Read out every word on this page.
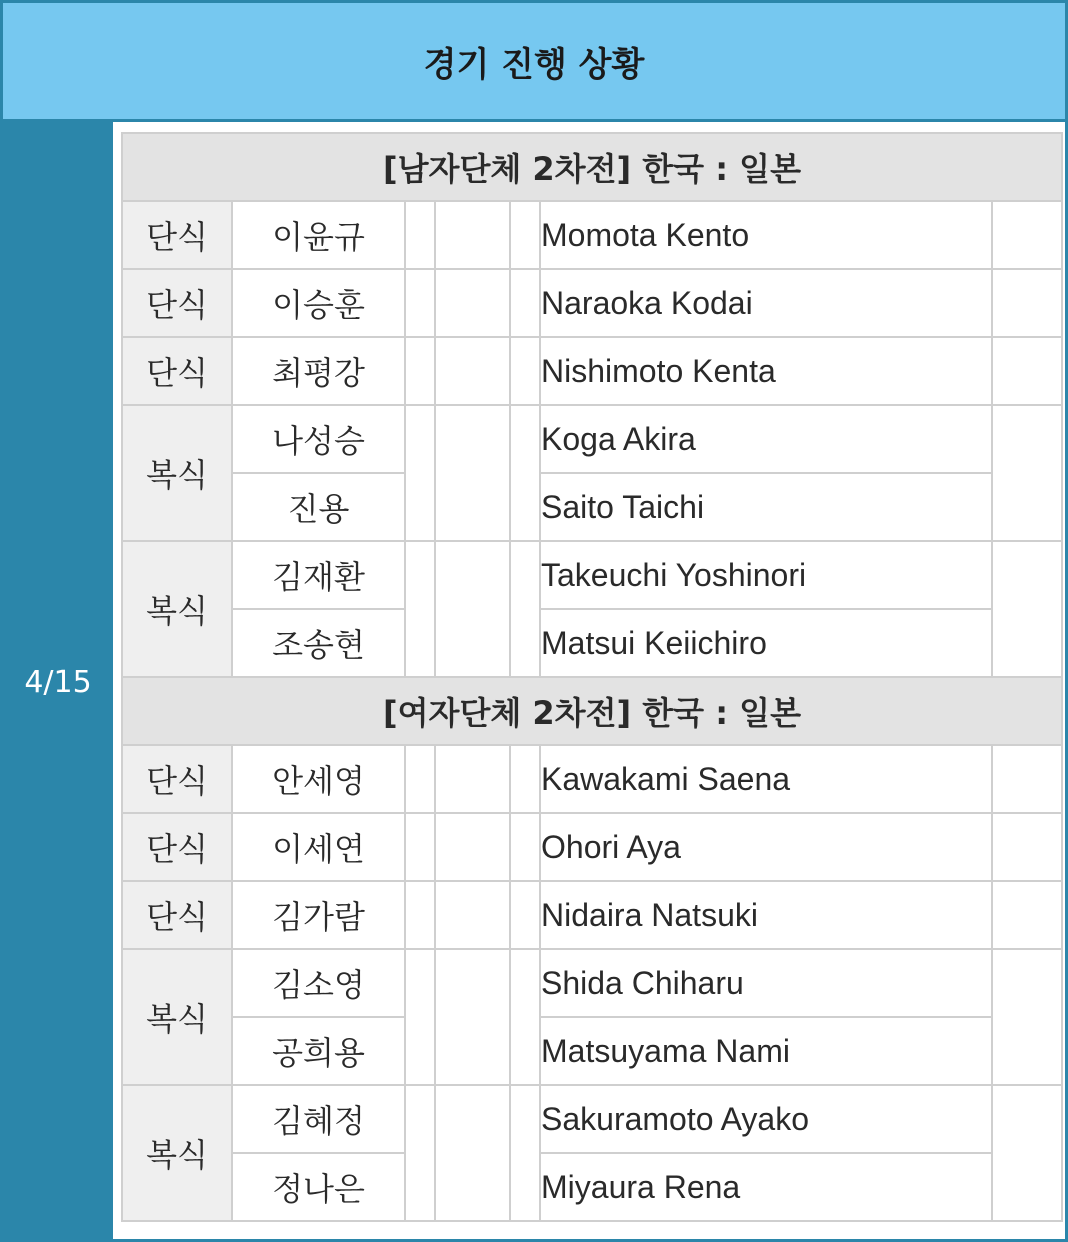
경기 진행 상황
4/15
[남자단체 2차전] 한국 : 일본						
단식	이윤규				Momota Kento	
단식	이승훈				Naraoka Kodai	
단식	최평강				Nishimoto Kenta	
복식	나성승				Koga Akira	
	진용				Saito Taichi	
복식	김재환				Takeuchi Yoshinori	
	조송현				Matsui Keiichiro	
[여자단체 2차전] 한국 : 일본						
단식	안세영				Kawakami Saena	
단식	이세연				Ohori Aya	
단식	김가람				Nidaira Natsuki	
복식	김소영				Shida Chiharu	
	공희용				Matsuyama Nami	
복식	김혜정				Sakuramoto Ayako	
	정나은				Miyaura Rena	
